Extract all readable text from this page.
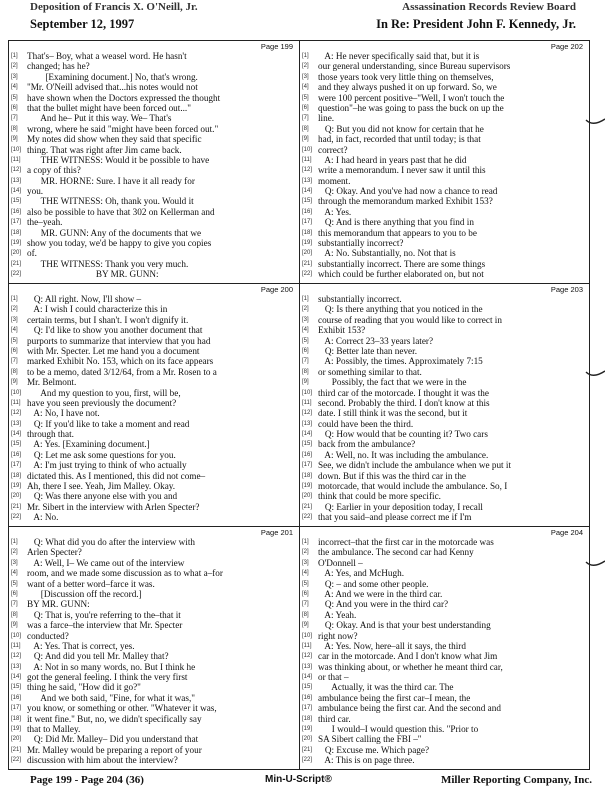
Deposition of Francis X. O'Neill, Jr.
September 12, 1997
Assassination Records Review Board
In Re: President John F. Kennedy, Jr.
Page 199
[1]	That's– Boy, what a weasel word. He hasn't
[2]	changed; has he?
[3]	[Examining document.] No, that's wrong.
[4]	"Mr. O'Neill advised that...his notes would not
[5]	have shown when the Doctors expressed the thought
[6]	that the bullet might have been forced out..."
[7]	And he– Put it this way. We– That's
[8]	wrong, where he said "might have been forced out."
[9]	My notes did show when they said that specific
[10] thing. That was right after Jim came back.
[11] THE WITNESS: Would it be possible to have
[12] a copy of this?
[13] MR. HORNE: Sure. I have it all ready for
[14] you.
[15] THE WITNESS: Oh, thank you. Would it
[16] also be possible to have that 302 on Kellerman and
[17] the–yeah.
[18] MR. GUNN: Any of the documents that we
[19] show you today, we'd be happy to give you copies
[20] of.
[21] THE WITNESS: Thank you very much.
[22] BY MR. GUNN:
Page 200
[1]	Q: All right. Now, I'll show –
[2]	A: I wish I could characterize this in
[3]	certain terms, but I shan't. I won't dignify it.
[4]	Q: I'd like to show you another document that
[5]	purports to summarize that interview that you had
[6]	with Mr. Specter. Let me hand you a document
[7]	marked Exhibit No. 153, which on its face appears
[8]	to be a memo, dated 3/12/64, from a Mr. Rosen to a
[9]	Mr. Belmont.
[10] And my question to you, first, will be,
[11] have you seen previously the document?
[12] A: No, I have not.
[13] Q: If you'd like to take a moment and read
[14] through that.
[15] A: Yes. [Examining document.]
[16] Q: Let me ask some questions for you.
[17] A: I'm just trying to think of who actually
[18] dictated this. As I mentioned, this did not come–
[19] Ah, there I see. Yeah, Jim Malley. Okay.
[20] Q: Was there anyone else with you and
[21] Mr. Sibert in the interview with Arlen Specter?
[22] A: No.
Page 201
[1]	Q: What did you do after the interview with
[2]	Arlen Specter?
[3]	A: Well, I– We came out of the interview
[4]	room, and we made some discussion as to what a–for
[5]	want of a better word–farce it was.
[6]	[Discussion off the record.]
[7]	BY MR. GUNN:
[8]	Q: That is, you're referring to the–that it
[9]	was a farce–the interview that Mr. Specter
[10] conducted?
[11] A: Yes. That is correct, yes.
[12] Q: And did you tell Mr. Malley that?
[13] A: Not in so many words, no. But I think he
[14] got the general feeling. I think the very first
[15] thing he said, "How did it go?"
[16] And we both said, "Fine, for what it was,"
[17] you know, or something or other. "Whatever it was,
[18] it went fine." But, no, we didn't specifically say
[19] that to Malley.
[20] Q: Did Mr. Malley– Did you understand that
[21] Mr. Malley would be preparing a report of your
[22] discussion with him about the interview?
Page 202
[1]	A: He never specifically said that, but it is
[2]	our general understanding, since Bureau supervisors
[3]	those years took very little thing on themselves,
[4]	and they always pushed it on up forward. So, we
[5]	were 100 percent positive–"Well, I won't touch the
[6]	question"–he was going to pass the buck on up the
[7]	line.
[8]	Q: But you did not know for certain that he
[9]	had, in fact, recorded that until today; is that
[10] correct?
[11] A: I had heard in years past that he did
[12] write a memorandum. I never saw it until this
[13] moment.
[14] Q: Okay. And you've had now a chance to read
[15] through the memorandum marked Exhibit 153?
[16] A: Yes.
[17] Q: And is there anything that you find in
[18] this memorandum that appears to you to be
[19] substantially incorrect?
[20] A: No. Substantially, no. Not that is
[21] substantially incorrect. There are some things
[22] which could be further elaborated on, but not
Page 203
[1]	substantially incorrect.
[2]	Q: Is there anything that you noticed in the
[3]	course of reading that you would like to correct in
[4]	Exhibit 153?
[5]	A: Correct 23–33 years later?
[6]	Q: Better late than never.
[7]	A: Possibly, the times. Approximately 7:15
[8]	or something similar to that.
[9]	Possibly, the fact that we were in the
[10] third car of the motorcade. I thought it was the
[11] second. Probably the third. I don't know at this
[12] date. I still think it was the second, but it
[13] could have been the third.
[14] Q: How would that be counting it? Two cars
[15] back from the ambulance?
[16] A: Well, no. It was including the ambulance.
[17] See, we didn't include the ambulance when we put it
[18] down. But if this was the third car in the
[19] motorcade, that would include the ambulance. So, I
[20] think that could be more specific.
[21] Q: Earlier in your deposition today, I recall
[22] that you said–and please correct me if I'm
Page 204
[1]	incorrect–that the first car in the motorcade was
[2]	the ambulance. The second car had Kenny
[3]	O'Donnell –
[4]	A: Yes, and McHugh.
[5]	Q: – and some other people.
[6]	A: And we were in the third car.
[7]	Q: And you were in the third car?
[8]	A: Yeah.
[9]	Q: Okay. And is that your best understanding
[10] right now?
[11] A: Yes. Now, here–all it says, the third
[12] car in the motorcade. And I don't know what Jim
[13] was thinking about, or whether he meant third car,
[14] or that –
[15] Actually, it was the third car. The
[16] ambulance being the first car–I mean, the
[17] ambulance being the first car. And the second and
[18] third car.
[19] I would–I would question this. "Prior to
[20] SA Sibert calling the FBI –"
[21] Q: Excuse me. Which page?
[22] A: This is on page three.
Page 199 - Page 204 (36)	Min-U-Script®	Miller Reporting Company, Inc.
